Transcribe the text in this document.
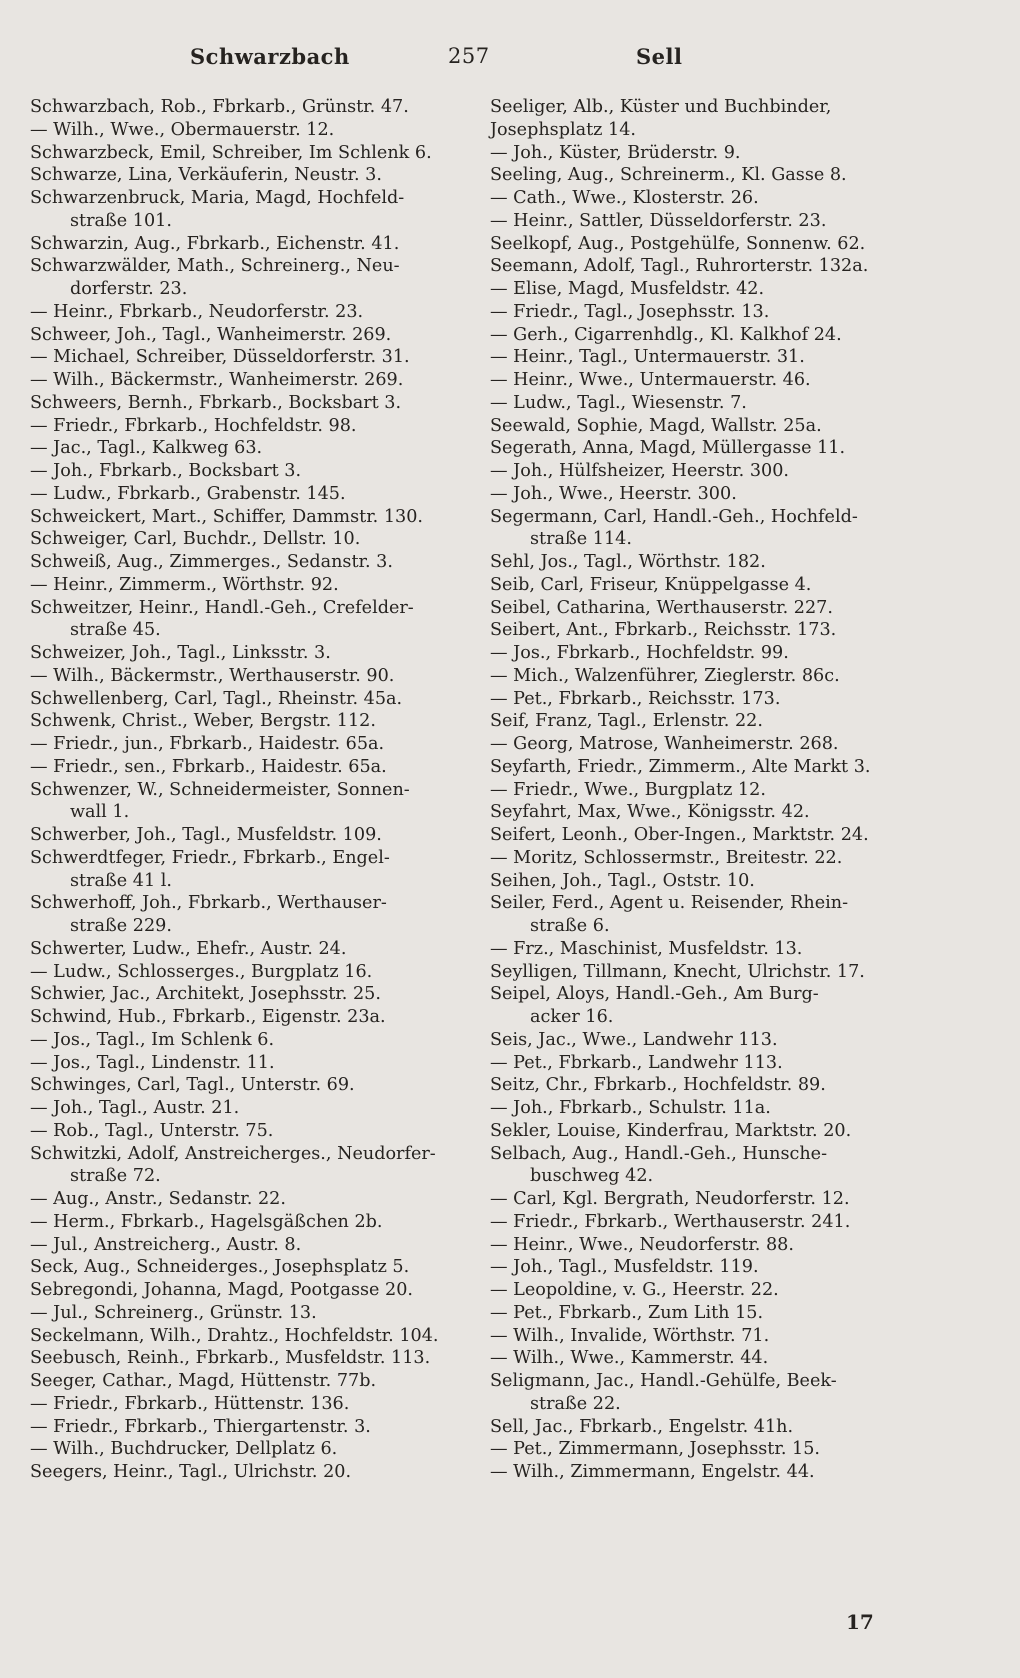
Schwarzbach	257	Sell
Schwarzbach, Rob., Fbrkarb., Grünstr. 47.
— Wilh., Wwe., Obermauerstr. 12.
Schwarzbeck, Emil, Schreiber, Im Schlenk 6.
Schwarze, Lina, Verkäuferin, Neustr. 3.
Schwarzenbruck, Maria, Magd, Hochfeld-
straße 101.
Schwarzin, Aug., Fbrkarb., Eichenstr. 41.
Schwarzwälder, Math., Schreinerg., Neu-
dorferstr. 23.
— Heinr., Fbrkarb., Neudorferstr. 23.
Schweer, Joh., Tagl., Wanheimerstr. 269.
— Michael, Schreiber, Düsseldorferstr. 31.
— Wilh., Bäckermstr., Wanheimerstr. 269.
Schweers, Bernh., Fbrkarb., Bocksbart 3.
— Friedr., Fbrkarb., Hochfeldstr. 98.
— Jac., Tagl., Kalkweg 63.
— Joh., Fbrkarb., Bocksbart 3.
— Ludw., Fbrkarb., Grabenstr. 145.
Schweickert, Mart., Schiffer, Dammstr. 130.
Schweiger, Carl, Buchdr., Dellstr. 10.
Schweiß, Aug., Zimmerges., Sedanstr. 3.
— Heinr., Zimmerm., Wörthstr. 92.
Schweitzer, Heinr., Handl.-Geh., Crefelder-
straße 45.
Schweizer, Joh., Tagl., Linksstr. 3.
— Wilh., Bäckermstr., Werthauserstr. 90.
Schwellenberg, Carl, Tagl., Rheinstr. 45a.
Schwenk, Christ., Weber, Bergstr. 112.
— Friedr., jun., Fbrkarb., Haidestr. 65a.
— Friedr., sen., Fbrkarb., Haidestr. 65a.
Schwenzer, W., Schneidermeister, Sonnen-
wall 1.
Schwerber, Joh., Tagl., Musfeldstr. 109.
Schwerdtfeger, Friedr., Fbrkarb., Engel-
straße 41 l.
Schwerhoff, Joh., Fbrkarb., Werthauser-
straße 229.
Schwerter, Ludw., Ehefr., Austr. 24.
— Ludw., Schlosserges., Burgplatz 16.
Schwier, Jac., Architekt, Josephsstr. 25.
Schwind, Hub., Fbrkarb., Eigenstr. 23a.
— Jos., Tagl., Im Schlenk 6.
— Jos., Tagl., Lindenstr. 11.
Schwinges, Carl, Tagl., Unterstr. 69.
— Joh., Tagl., Austr. 21.
— Rob., Tagl., Unterstr. 75.
Schwitzki, Adolf, Anstreicherges., Neudorfer-
straße 72.
— Aug., Anstr., Sedanstr. 22.
— Herm., Fbrkarb., Hagelsgäßchen 2b.
— Jul., Anstreicherg., Austr. 8.
Seck, Aug., Schneiderges., Josephsplatz 5.
Sebregondi, Johanna, Magd, Pootgasse 20.
— Jul., Schreinerg., Grünstr. 13.
Seckelmann, Wilh., Drahtz., Hochfeldstr. 104.
Seebusch, Reinh., Fbrkarb., Musfeldstr. 113.
Seeger, Cathar., Magd, Hüttenstr. 77b.
— Friedr., Fbrkarb., Hüttenstr. 136.
— Friedr., Fbrkarb., Thiergartenstr. 3.
— Wilh., Buchdrucker, Dellplatz 6.
Seegers, Heinr., Tagl., Ulrichstr. 20.
Seeliger, Alb., Küster und Buchbinder,
Josephsplatz 14.
— Joh., Küster, Brüderstr. 9.
Seeling, Aug., Schreinerm., Kl. Gasse 8.
— Cath., Wwe., Klosterstr. 26.
— Heinr., Sattler, Düsseldorferstr. 23.
Seelkopf, Aug., Postgehülfe, Sonnenw. 62.
Seemann, Adolf, Tagl., Ruhrorterstr. 132a.
— Elise, Magd, Musfeldstr. 42.
— Friedr., Tagl., Josephsstr. 13.
— Gerh., Cigarrenhdlg., Kl. Kalkhof 24.
— Heinr., Tagl., Untermauerstr. 31.
— Heinr., Wwe., Untermauerstr. 46.
— Ludw., Tagl., Wiesenstr. 7.
Seewald, Sophie, Magd, Wallstr. 25a.
Segerath, Anna, Magd, Müllergasse 11.
— Joh., Hülfsheizer, Heerstr. 300.
— Joh., Wwe., Heerstr. 300.
Segermann, Carl, Handl.-Geh., Hochfeld-
straße 114.
Sehl, Jos., Tagl., Wörthstr. 182.
Seib, Carl, Friseur, Knüppelgasse 4.
Seibel, Catharina, Werthauserstr. 227.
Seibert, Ant., Fbrkarb., Reichsstr. 173.
— Jos., Fbrkarb., Hochfeldstr. 99.
— Mich., Walzenführer, Zieglerstr. 86c.
— Pet., Fbrkarb., Reichsstr. 173.
Seif, Franz, Tagl., Erlenstr. 22.
— Georg, Matrose, Wanheimerstr. 268.
Seyfarth, Friedr., Zimmerm., Alte Markt 3.
— Friedr., Wwe., Burgplatz 12.
Seyfahrt, Max, Wwe., Königsstr. 42.
Seifert, Leonh., Ober-Ingen., Marktstr. 24.
— Moritz, Schlossermstr., Breitestr. 22.
Seihen, Joh., Tagl., Oststr. 10.
Seiler, Ferd., Agent u. Reisender, Rhein-
straße 6.
— Frz., Maschinist, Musfeldstr. 13.
Seylligen, Tillmann, Knecht, Ulrichstr. 17.
Seipel, Aloys, Handl.-Geh., Am Burg-
acker 16.
Seis, Jac., Wwe., Landwehr 113.
— Pet., Fbrkarb., Landwehr 113.
Seitz, Chr., Fbrkarb., Hochfeldstr. 89.
— Joh., Fbrkarb., Schulstr. 11a.
Sekler, Louise, Kinderfrau, Marktstr. 20.
Selbach, Aug., Handl.-Geh., Hunsche-
buschweg 42.
— Carl, Kgl. Bergrath, Neudorferstr. 12.
— Friedr., Fbrkarb., Werthauserstr. 241.
— Heinr., Wwe., Neudorferstr. 88.
— Joh., Tagl., Musfeldstr. 119.
— Leopoldine, v. G., Heerstr. 22.
— Pet., Fbrkarb., Zum Lith 15.
— Wilh., Invalide, Wörthstr. 71.
— Wilh., Wwe., Kammerstr. 44.
Seligmann, Jac., Handl.-Gehülfe, Beek-
straße 22.
Sell, Jac., Fbrkarb., Engelstr. 41h.
— Pet., Zimmermann, Josephsstr. 15.
— Wilh., Zimmermann, Engelstr. 44.
17
